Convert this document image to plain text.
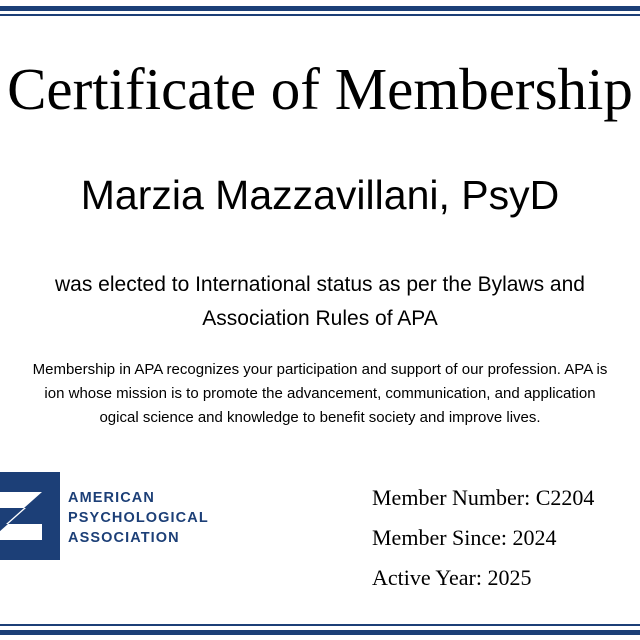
Certificate of Membership
Marzia Mazzavillani, PsyD
was elected to International status as per the Bylaws and
Association Rules of APA
Membership in APA recognizes your participation and support of our profession. APA is
ion whose mission is to promote the advancement, communication, and application
ogical science and knowledge to benefit society and improve lives.
AMERICAN
PSYCHOLOGICAL
ASSOCIATION
Member Number: C2204
Member Since: 2024
Active Year: 2025
